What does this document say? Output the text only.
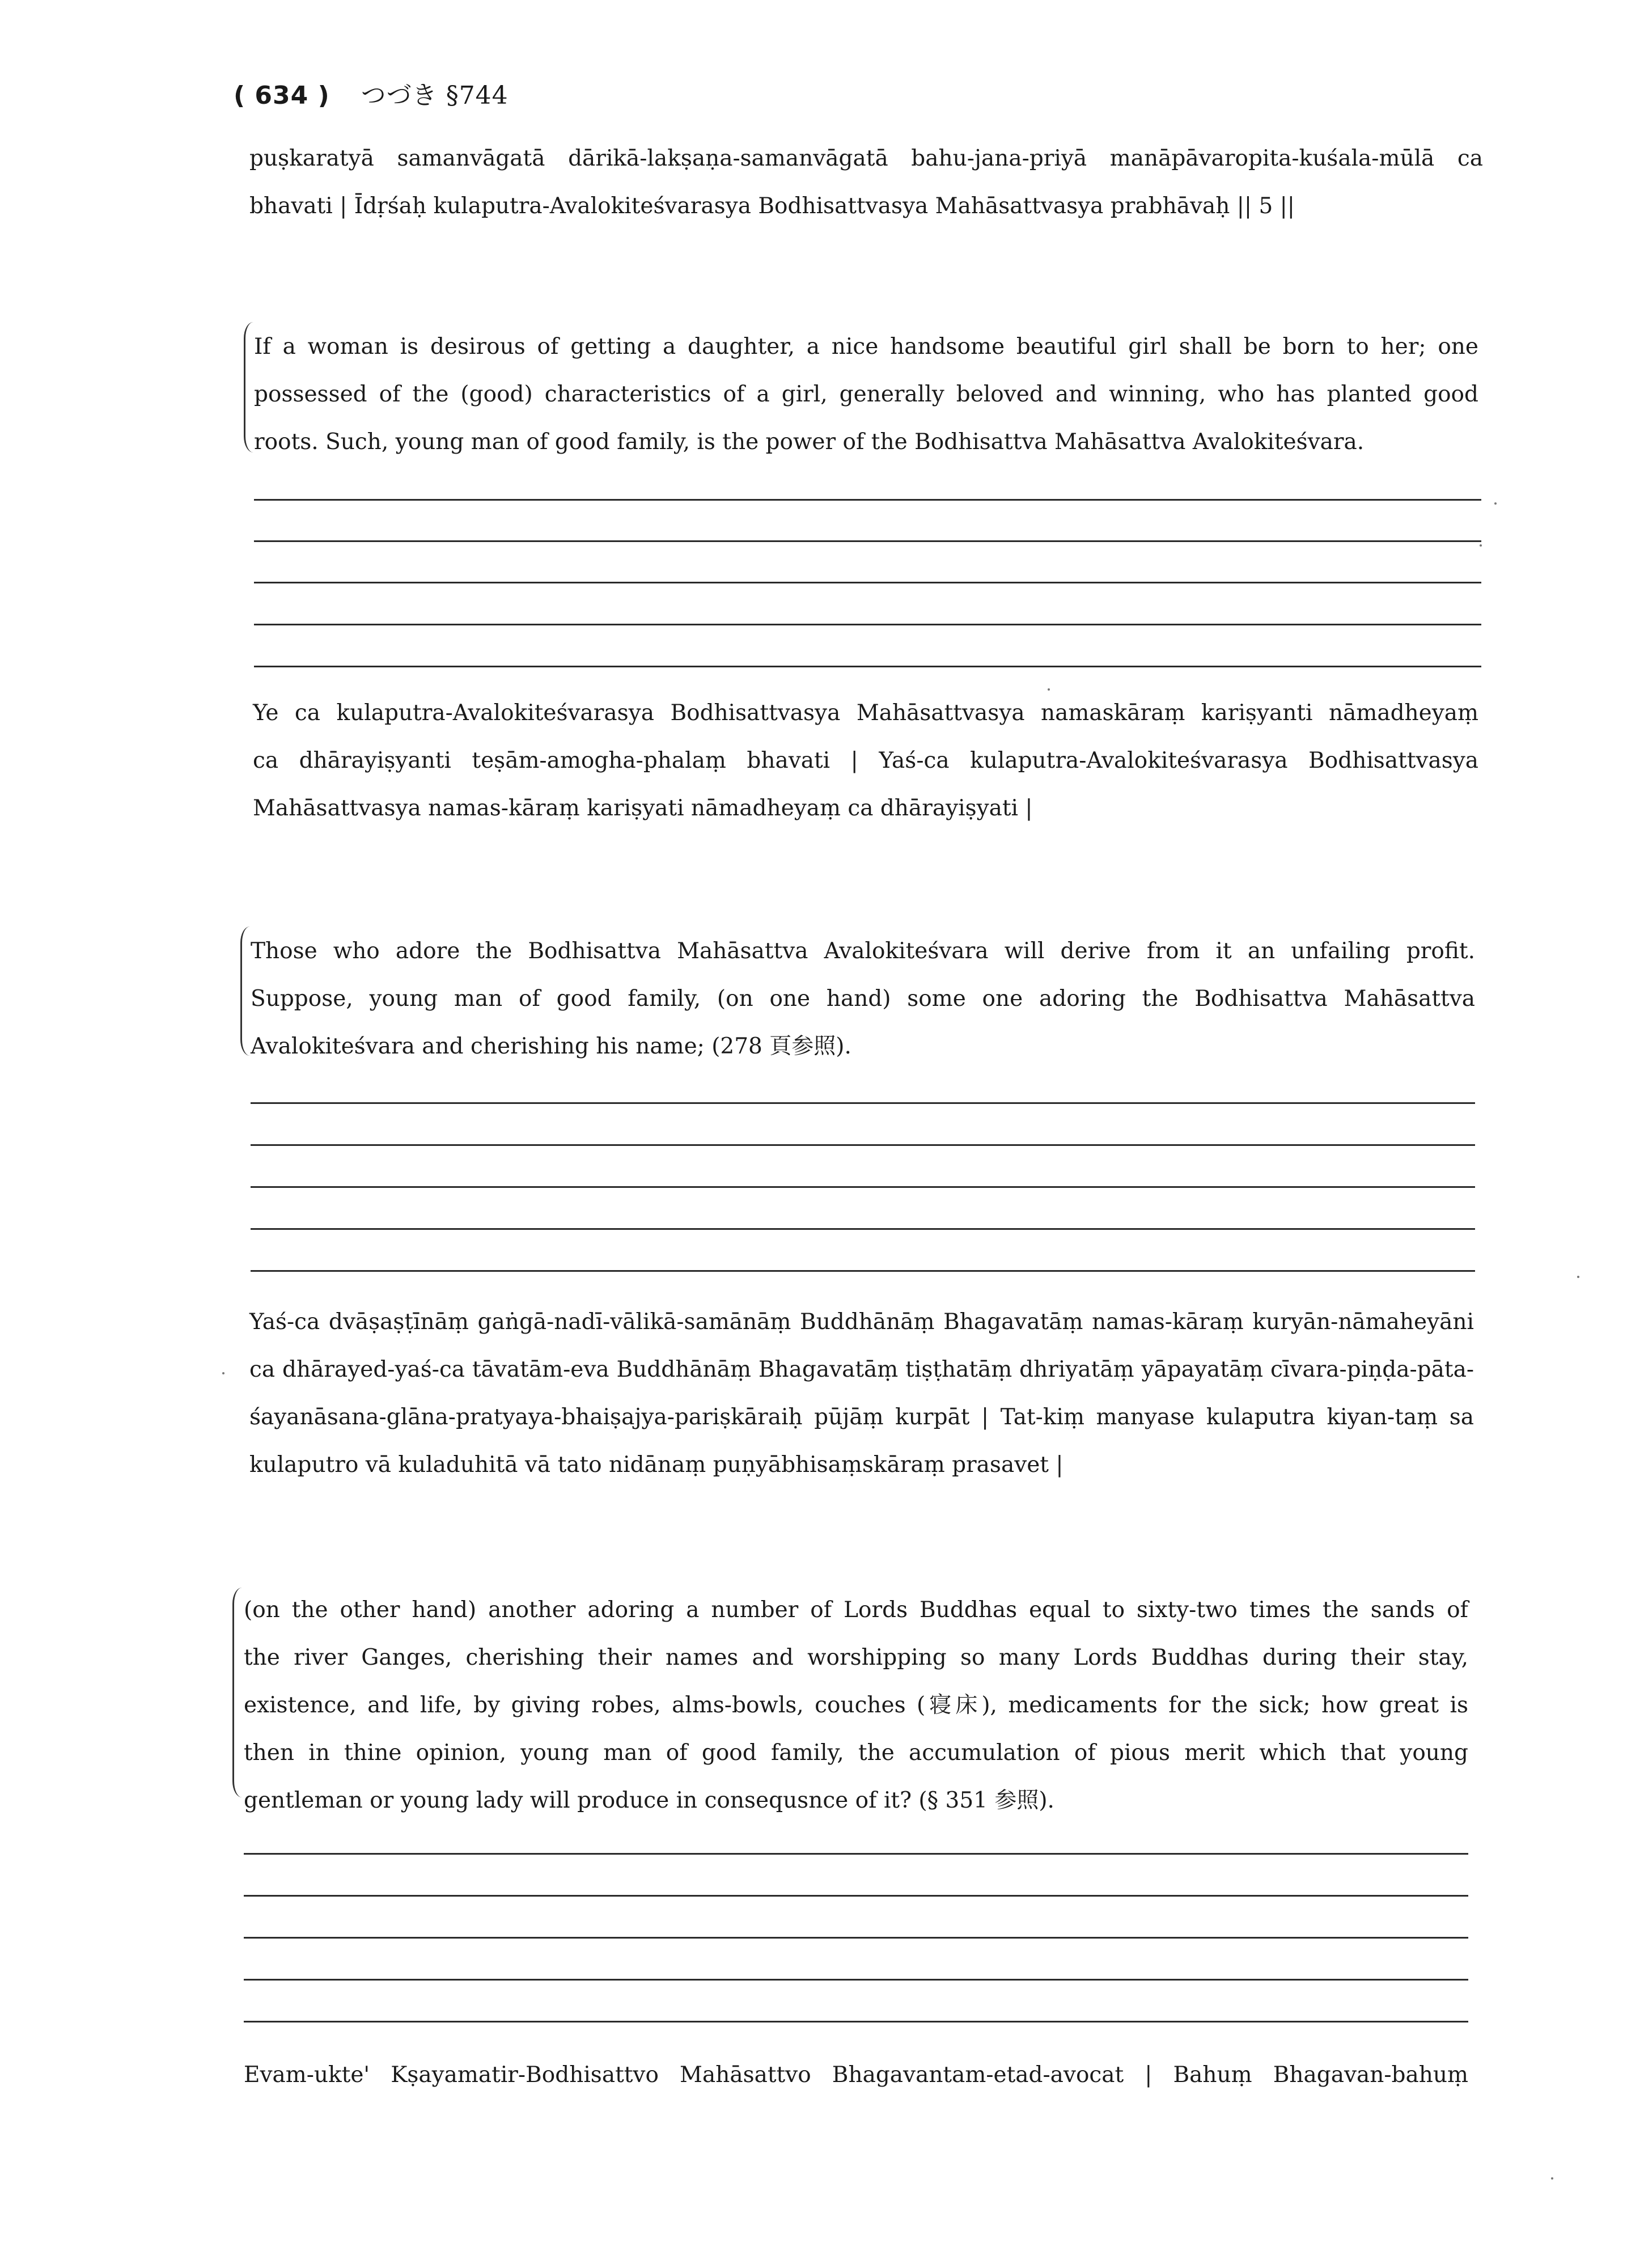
( 634 ) つづき §744
puṣkaratyā samanvāgatā dārikā-lakṣaṇa-samanvāgatā bahu-jana-priyā manāpāvaropita-kuśala-mūlā ca
bhavati | Īdṛśaḥ kulaputra-Avalokiteśvarasya Bodhisattvasya Mahāsattvasya prabhāvaḥ || 5 ||
If a woman is desirous of getting a daughter, a nice handsome beautiful girl shall be born to her; one
possessed of the (good) characteristics of a girl, generally beloved and winning, who has planted good
roots. Such, young man of good family, is the power of the Bodhisattva Mahāsattva Avalokiteśvara.
Ye ca kulaputra-Avalokiteśvarasya Bodhisattvasya Mahāsattvasya namaskāraṃ kariṣyanti nāmadheyaṃ
ca dhārayiṣyanti teṣām-amogha-phalaṃ bhavati | Yaś-ca kulaputra-Avalokiteśvarasya Bodhisattvasya
Mahāsattvasya namas-kāraṃ kariṣyati nāmadheyaṃ ca dhārayiṣyati |
Those who adore the Bodhisattva Mahāsattva Avalokiteśvara will derive from it an unfailing profit.
Suppose, young man of good family, (on one hand) some one adoring the Bodhisattva Mahāsattva
Avalokiteśvara and cherishing his name; (278 頁参照).
Yaś-ca dvāṣaṣṭīnāṃ gaṅgā-nadī-vālikā-samānāṃ Buddhānāṃ Bhagavatāṃ namas-kāraṃ kuryān-nāmaheyāni
ca dhārayed-yaś-ca tāvatām-eva Buddhānāṃ Bhagavatāṃ tiṣṭhatāṃ dhriyatāṃ yāpayatāṃ cīvara-piṇḍa-pāta-
śayanāsana-glāna-pratyaya-bhaiṣajya-pariṣkāraiḥ pūjāṃ kurpāt | Tat-kiṃ manyase kulaputra kiyan-taṃ sa
kulaputro vā kuladuhitā vā tato nidānaṃ puṇyābhisaṃskāraṃ prasavet |
(on the other hand) another adoring a number of Lords Buddhas equal to sixty-two times the sands of
the river Ganges, cherishing their names and worshipping so many Lords Buddhas during their stay,
existence, and life, by giving robes, alms-bowls, couches (寝床), medicaments for the sick; how great is
then in thine opinion, young man of good family, the accumulation of pious merit which that young
gentleman or young lady will produce in consequsnce of it? (§ 351 参照).
Evam-ukte' Kṣayamatir-Bodhisattvo Mahāsattvo Bhagavantam-etad-avocat | Bahuṃ Bhagavan-bahuṃ
